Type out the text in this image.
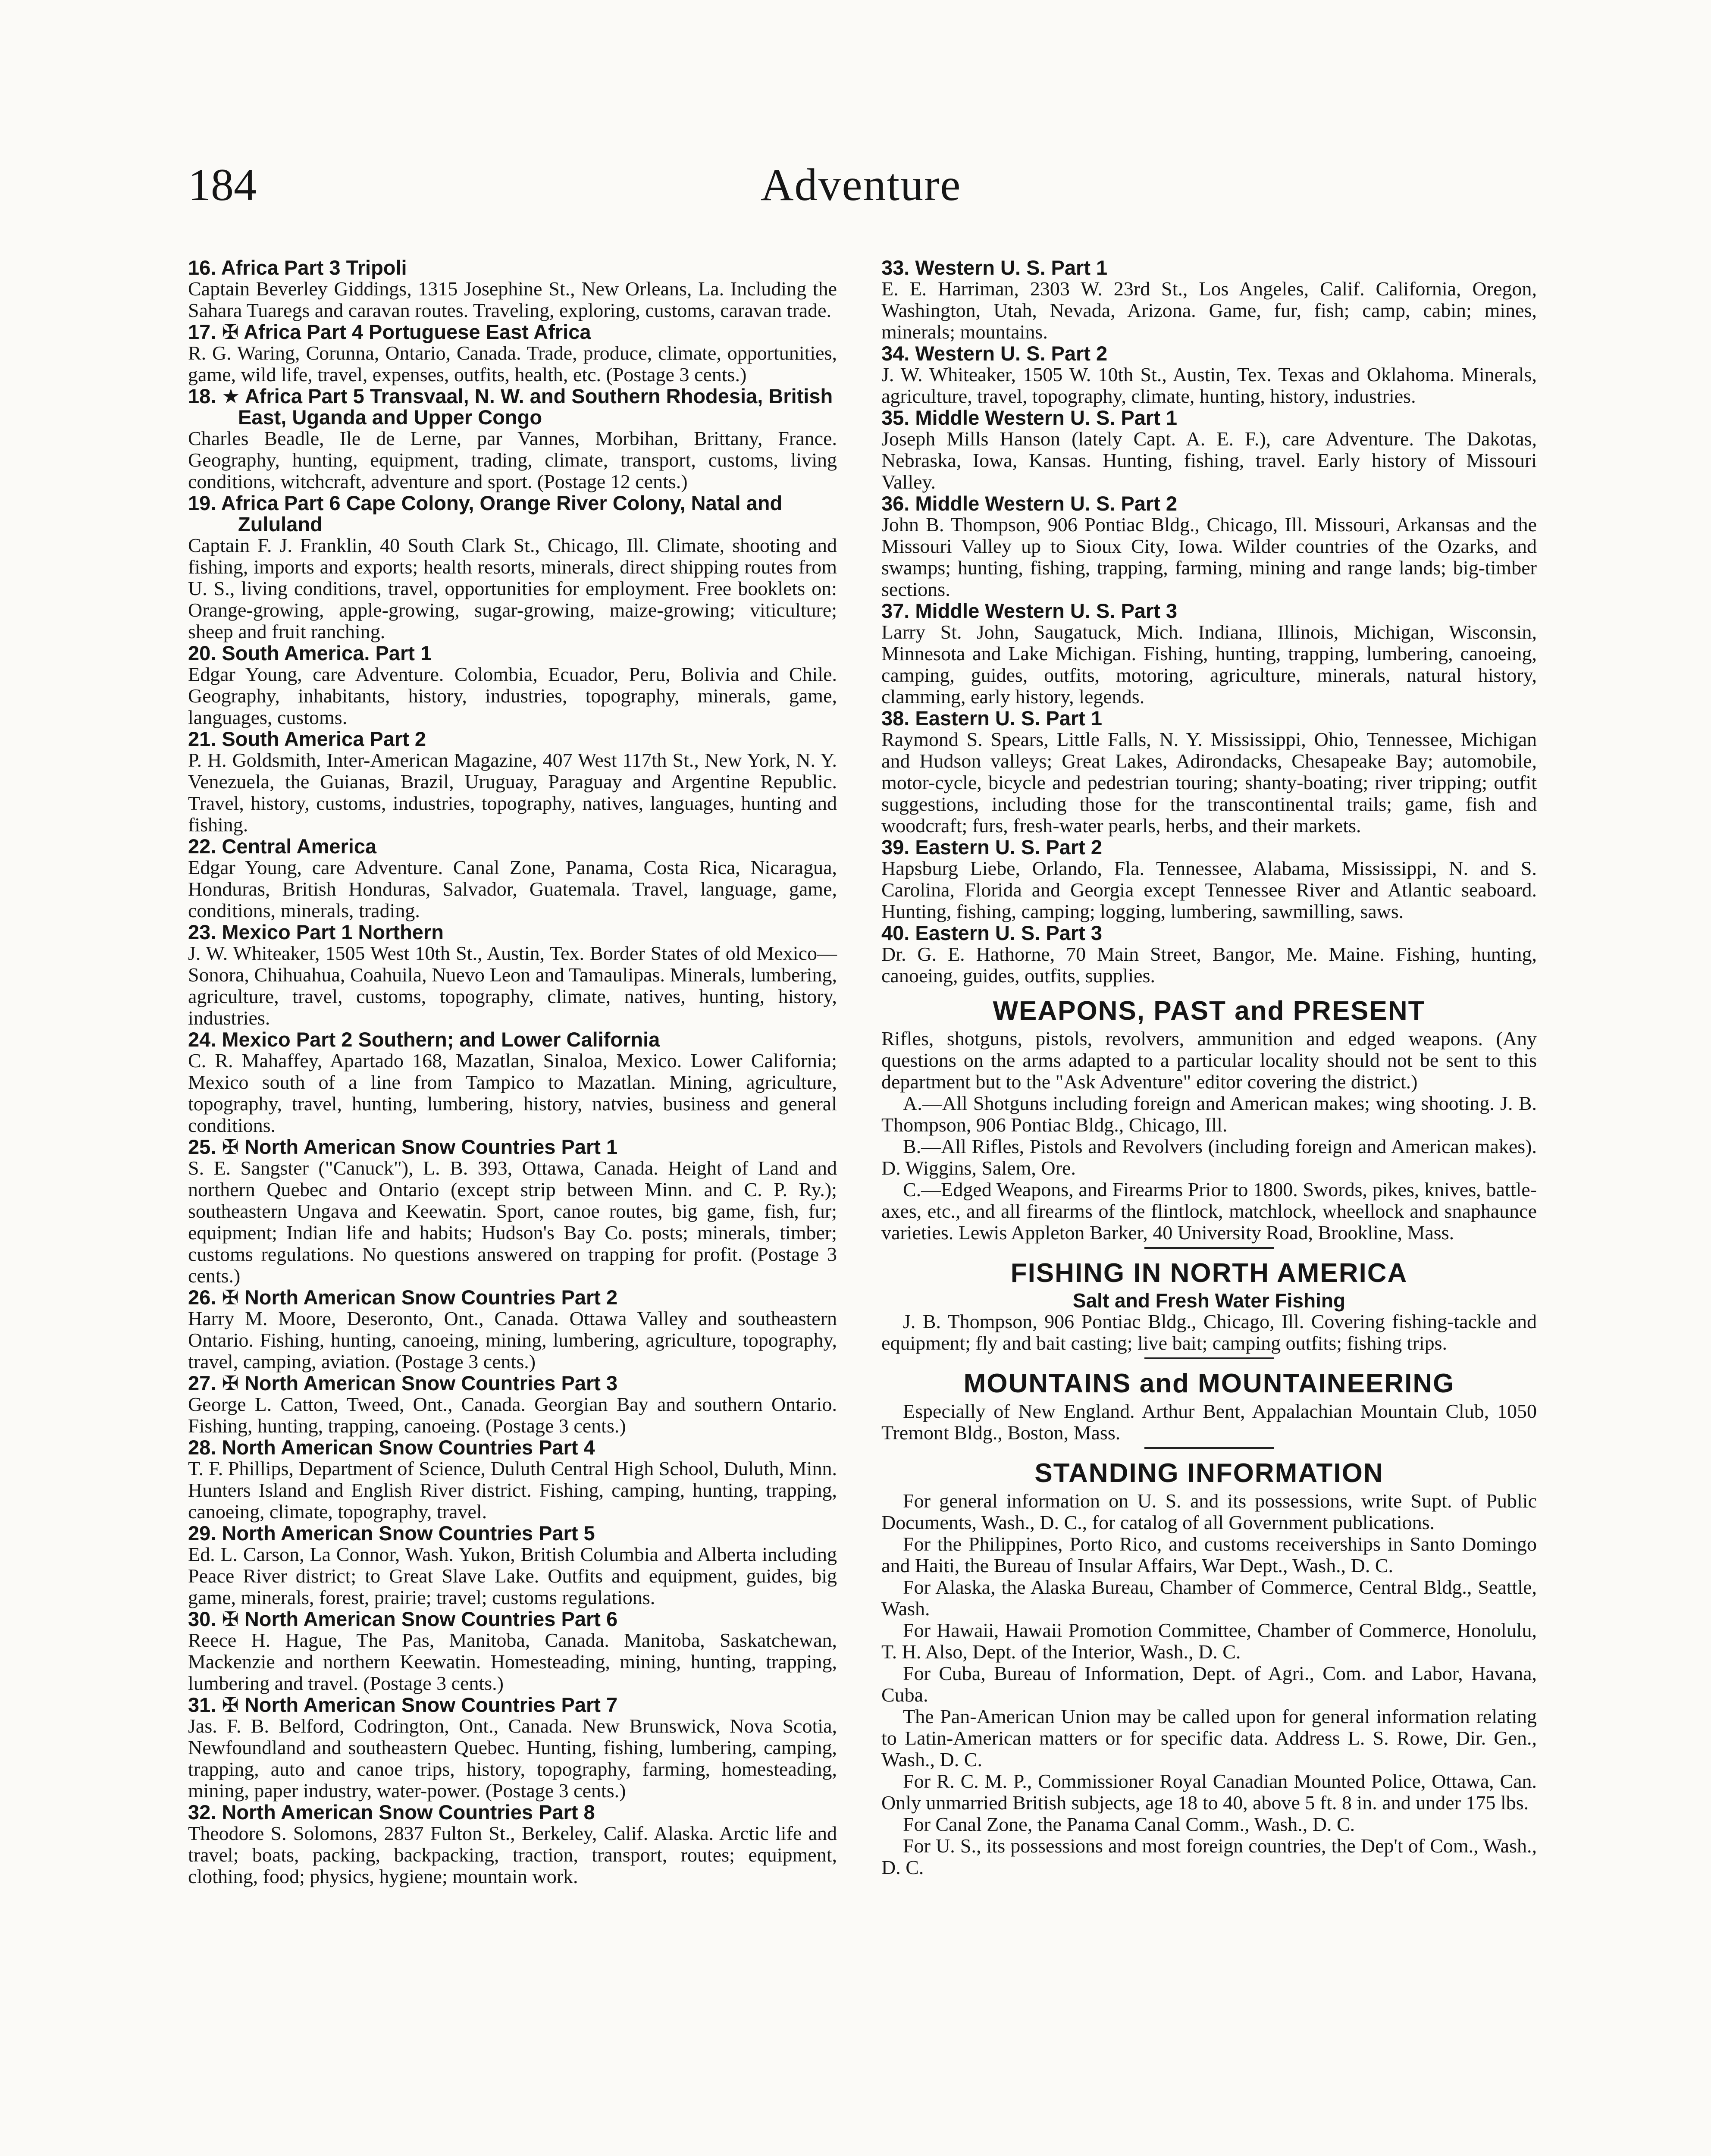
184	Adventure
16. Africa Part 3 Tripoli
Captain Beverley Giddings, 1315 Josephine St., New Orleans, La. Including the Sahara Tuaregs and caravan routes. Traveling, exploring, customs, caravan trade.
17. ✠ Africa Part 4 Portuguese East Africa
R. G. Waring, Corunna, Ontario, Canada. Trade, produce, climate, opportunities, game, wild life, travel, expenses, outfits, health, etc. (Postage 3 cents.)
18. ★ Africa Part 5 Transvaal, N. W. and Southern Rhodesia, British East, Uganda and Upper Congo
Charles Beadle, Ile de Lerne, par Vannes, Morbihan, Brittany, France. Geography, hunting, equipment, trading, climate, transport, customs, living conditions, witchcraft, adventure and sport. (Postage 12 cents.)
19. Africa Part 6 Cape Colony, Orange River Colony, Natal and Zululand
Captain F. J. Franklin, 40 South Clark St., Chicago, Ill. Climate, shooting and fishing, imports and exports; health resorts, minerals, direct shipping routes from U. S., living conditions, travel, opportunities for employment. Free booklets on: Orange-growing, apple-growing, sugar-growing, maize-growing; viticulture; sheep and fruit ranching.
20. South America. Part 1
Edgar Young, care Adventure. Colombia, Ecuador, Peru, Bolivia and Chile. Geography, inhabitants, history, industries, topography, minerals, game, languages, customs.
21. South America Part 2
P. H. Goldsmith, Inter-American Magazine, 407 West 117th St., New York, N. Y. Venezuela, the Guianas, Brazil, Uruguay, Paraguay and Argentine Republic. Travel, history, customs, industries, topography, natives, languages, hunting and fishing.
22. Central America
Edgar Young, care Adventure. Canal Zone, Panama, Costa Rica, Nicaragua, Honduras, British Honduras, Salvador, Guatemala. Travel, language, game, conditions, minerals, trading.
23. Mexico Part 1 Northern
J. W. Whiteaker, 1505 West 10th St., Austin, Tex. Border States of old Mexico—Sonora, Chihuahua, Coahuila, Nuevo Leon and Tamaulipas. Minerals, lumbering, agriculture, travel, customs, topography, climate, natives, hunting, history, industries.
24. Mexico Part 2 Southern; and Lower California
C. R. Mahaffey, Apartado 168, Mazatlan, Sinaloa, Mexico. Lower California; Mexico south of a line from Tampico to Mazatlan. Mining, agriculture, topography, travel, hunting, lumbering, history, natvies, business and general conditions.
25. ✠ North American Snow Countries Part 1
S. E. Sangster ("Canuck"), L. B. 393, Ottawa, Canada. Height of Land and northern Quebec and Ontario (except strip between Minn. and C. P. Ry.); southeastern Ungava and Keewatin. Sport, canoe routes, big game, fish, fur; equipment; Indian life and habits; Hudson's Bay Co. posts; minerals, timber; customs regulations. No questions answered on trapping for profit. (Postage 3 cents.)
26. ✠ North American Snow Countries Part 2
Harry M. Moore, Deseronto, Ont., Canada. Ottawa Valley and southeastern Ontario. Fishing, hunting, canoeing, mining, lumbering, agriculture, topography, travel, camping, aviation. (Postage 3 cents.)
27. ✠ North American Snow Countries Part 3
George L. Catton, Tweed, Ont., Canada. Georgian Bay and southern Ontario. Fishing, hunting, trapping, canoeing. (Postage 3 cents.)
28. North American Snow Countries Part 4
T. F. Phillips, Department of Science, Duluth Central High School, Duluth, Minn. Hunters Island and English River district. Fishing, camping, hunting, trapping, canoeing, climate, topography, travel.
29. North American Snow Countries Part 5
Ed. L. Carson, La Connor, Wash. Yukon, British Columbia and Alberta including Peace River district; to Great Slave Lake. Outfits and equipment, guides, big game, minerals, forest, prairie; travel; customs regulations.
30. ✠ North American Snow Countries Part 6
Reece H. Hague, The Pas, Manitoba, Canada. Manitoba, Saskatchewan, Mackenzie and northern Keewatin. Homesteading, mining, hunting, trapping, lumbering and travel. (Postage 3 cents.)
31. ✠ North American Snow Countries Part 7
Jas. F. B. Belford, Codrington, Ont., Canada. New Brunswick, Nova Scotia, Newfoundland and southeastern Quebec. Hunting, fishing, lumbering, camping, trapping, auto and canoe trips, history, topography, farming, homesteading, mining, paper industry, water-power. (Postage 3 cents.)
32. North American Snow Countries Part 8
Theodore S. Solomons, 2837 Fulton St., Berkeley, Calif. Alaska. Arctic life and travel; boats, packing, backpacking, traction, transport, routes; equipment, clothing, food; physics, hygiene; mountain work.
33. Western U. S. Part 1
E. E. Harriman, 2303 W. 23rd St., Los Angeles, Calif. California, Oregon, Washington, Utah, Nevada, Arizona. Game, fur, fish; camp, cabin; mines, minerals; mountains.
34. Western U. S. Part 2
J. W. Whiteaker, 1505 W. 10th St., Austin, Tex. Texas and Oklahoma. Minerals, agriculture, travel, topography, climate, hunting, history, industries.
35. Middle Western U. S. Part 1
Joseph Mills Hanson (lately Capt. A. E. F.), care Adventure. The Dakotas, Nebraska, Iowa, Kansas. Hunting, fishing, travel. Early history of Missouri Valley.
36. Middle Western U. S. Part 2
John B. Thompson, 906 Pontiac Bldg., Chicago, Ill. Missouri, Arkansas and the Missouri Valley up to Sioux City, Iowa. Wilder countries of the Ozarks, and swamps; hunting, fishing, trapping, farming, mining and range lands; big-timber sections.
37. Middle Western U. S. Part 3
Larry St. John, Saugatuck, Mich. Indiana, Illinois, Michigan, Wisconsin, Minnesota and Lake Michigan. Fishing, hunting, trapping, lumbering, canoeing, camping, guides, outfits, motoring, agriculture, minerals, natural history, clamming, early history, legends.
38. Eastern U. S. Part 1
Raymond S. Spears, Little Falls, N. Y. Mississippi, Ohio, Tennessee, Michigan and Hudson valleys; Great Lakes, Adirondacks, Chesapeake Bay; automobile, motor-cycle, bicycle and pedestrian touring; shanty-boating; river tripping; outfit suggestions, including those for the transcontinental trails; game, fish and woodcraft; furs, fresh-water pearls, herbs, and their markets.
39. Eastern U. S. Part 2
Hapsburg Liebe, Orlando, Fla. Tennessee, Alabama, Mississippi, N. and S. Carolina, Florida and Georgia except Tennessee River and Atlantic seaboard. Hunting, fishing, camping; logging, lumbering, sawmilling, saws.
40. Eastern U. S. Part 3
Dr. G. E. Hathorne, 70 Main Street, Bangor, Me. Maine. Fishing, hunting, canoeing, guides, outfits, supplies.
WEAPONS, PAST and PRESENT

Rifles, shotguns, pistols, revolvers, ammunition and edged weapons. (Any questions on the arms adapted to a particular locality should not be sent to this department but to the "Ask Adventure" editor covering the district.)

A.—All Shotguns including foreign and American makes; wing shooting. J. B. Thompson, 906 Pontiac Bldg., Chicago, Ill.

B.—All Rifles, Pistols and Revolvers (including foreign and American makes). D. Wiggins, Salem, Ore.

C.—Edged Weapons, and Firearms Prior to 1800. Swords, pikes, knives, battle-axes, etc., and all firearms of the flintlock, matchlock, wheellock and snaphaunce varieties. Lewis Appleton Barker, 40 University Road, Brookline, Mass.

FISHING IN NORTH AMERICA
Salt and Fresh Water Fishing

J. B. Thompson, 906 Pontiac Bldg., Chicago, Ill. Covering fishing-tackle and equipment; fly and bait casting; live bait; camping outfits; fishing trips.

MOUNTAINS and MOUNTAINEERING

Especially of New England. Arthur Bent, Appalachian Mountain Club, 1050 Tremont Bldg., Boston, Mass.

STANDING INFORMATION

For general information on U. S. and its possessions, write Supt. of Public Documents, Wash., D. C., for catalog of all Government publications.

For the Philippines, Porto Rico, and customs receiverships in Santo Domingo and Haiti, the Bureau of Insular Affairs, War Dept., Wash., D. C.

For Alaska, the Alaska Bureau, Chamber of Commerce, Central Bldg., Seattle, Wash.

For Hawaii, Hawaii Promotion Committee, Chamber of Commerce, Honolulu, T. H. Also, Dept. of the Interior, Wash., D. C.

For Cuba, Bureau of Information, Dept. of Agri., Com. and Labor, Havana, Cuba.

The Pan-American Union may be called upon for general information relating to Latin-American matters or for specific data. Address L. S. Rowe, Dir. Gen., Wash., D. C.

For R. C. M. P., Commissioner Royal Canadian Mounted Police, Ottawa, Can. Only unmarried British subjects, age 18 to 40, above 5 ft. 8 in. and under 175 lbs.

For Canal Zone, the Panama Canal Comm., Wash., D. C.

For U. S., its possessions and most foreign countries, the Dep't of Com., Wash., D. C.
